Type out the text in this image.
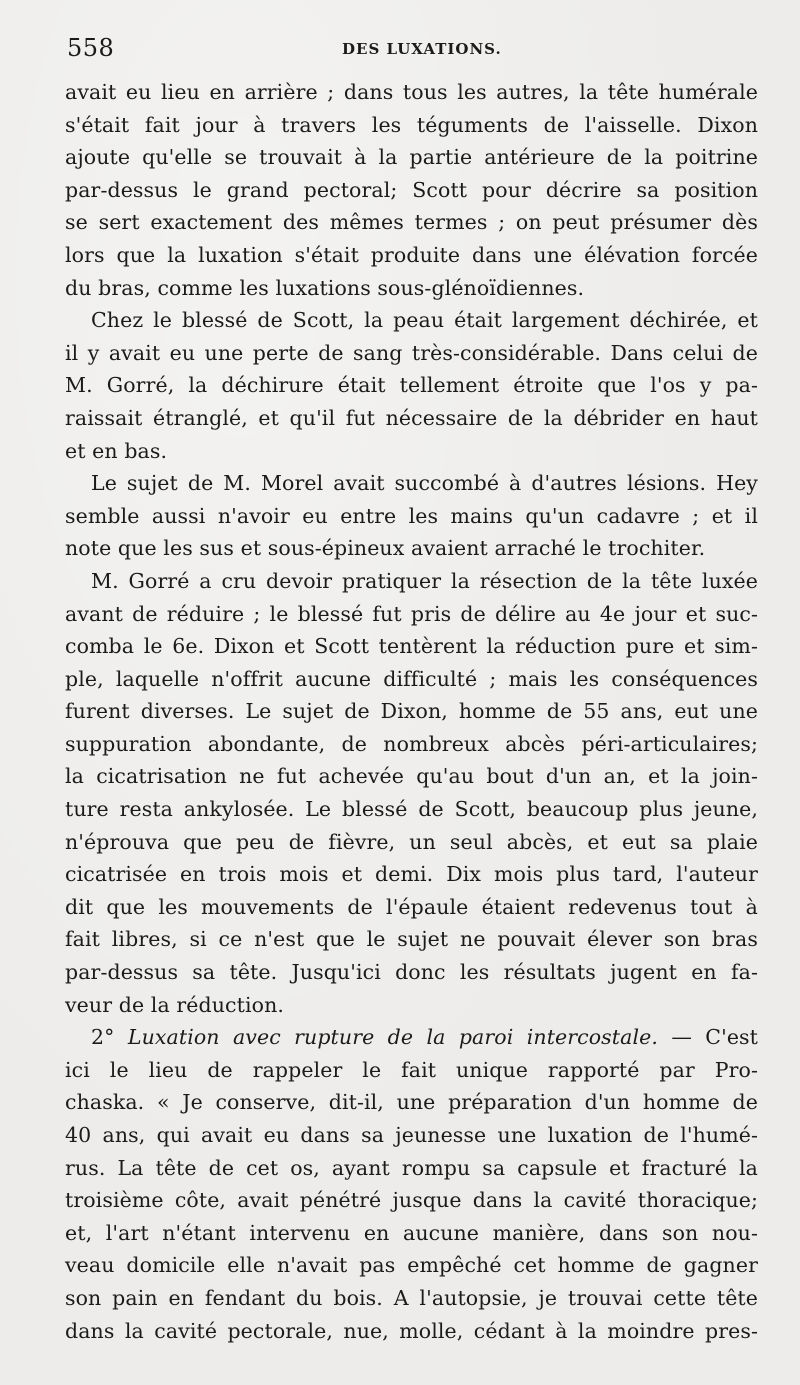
558	DES LUXATIONS.
avait eu lieu en arrière ; dans tous les autres, la tête humérale
s'était fait jour à travers les téguments de l'aisselle. Dixon
ajoute qu'elle se trouvait à la partie antérieure de la poitrine
par-dessus le grand pectoral; Scott pour décrire sa position
se sert exactement des mêmes termes ; on peut présumer dès
lors que la luxation s'était produite dans une élévation forcée
du bras, comme les luxations sous-glénoïdiennes.
Chez le blessé de Scott, la peau était largement déchirée, et
il y avait eu une perte de sang très-considérable. Dans celui de
M. Gorré, la déchirure était tellement étroite que l'os y pa-
raissait étranglé, et qu'il fut nécessaire de la débrider en haut
et en bas.
Le sujet de M. Morel avait succombé à d'autres lésions. Hey
semble aussi n'avoir eu entre les mains qu'un cadavre ; et il
note que les sus et sous-épineux avaient arraché le trochiter.
M. Gorré a cru devoir pratiquer la résection de la tête luxée
avant de réduire ; le blessé fut pris de délire au 4e jour et suc-
comba le 6e. Dixon et Scott tentèrent la réduction pure et sim-
ple, laquelle n'offrit aucune difficulté ; mais les conséquences
furent diverses. Le sujet de Dixon, homme de 55 ans, eut une
suppuration abondante, de nombreux abcès péri-articulaires;
la cicatrisation ne fut achevée qu'au bout d'un an, et la join-
ture resta ankylosée. Le blessé de Scott, beaucoup plus jeune,
n'éprouva que peu de fièvre, un seul abcès, et eut sa plaie
cicatrisée en trois mois et demi. Dix mois plus tard, l'auteur
dit que les mouvements de l'épaule étaient redevenus tout à
fait libres, si ce n'est que le sujet ne pouvait élever son bras
par-dessus sa tête. Jusqu'ici donc les résultats jugent en fa-
veur de la réduction.
2° Luxation avec rupture de la paroi intercostale. — C'est
ici le lieu de rappeler le fait unique rapporté par Pro-
chaska. « Je conserve, dit-il, une préparation d'un homme de
40 ans, qui avait eu dans sa jeunesse une luxation de l'humé-
rus. La tête de cet os, ayant rompu sa capsule et fracturé la
troisième côte, avait pénétré jusque dans la cavité thoracique;
et, l'art n'étant intervenu en aucune manière, dans son nou-
veau domicile elle n'avait pas empêché cet homme de gagner
son pain en fendant du bois. A l'autopsie, je trouvai cette tête
dans la cavité pectorale, nue, molle, cédant à la moindre pres-
